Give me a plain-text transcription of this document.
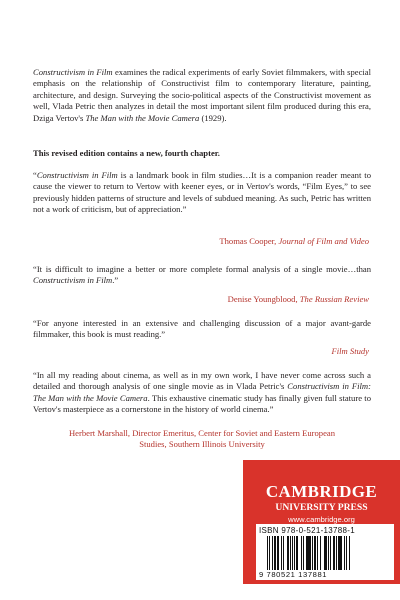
Constructivism in Film examines the radical experiments of early Soviet filmmakers, with special emphasis on the relationship of Constructivist film to contemporary literature, painting, architecture, and design. Surveying the socio-political aspects of the Constructivist movement as well, Vlada Petric then analyzes in detail the most important silent film produced during this era, Dziga Vertov's The Man with the Movie Camera (1929).

This revised edition contains a new, fourth chapter.

“Constructivism in Film is a landmark book in film studies…It is a companion reader meant to cause the viewer to return to Vertow with keener eyes, or in Vertov's words, “Film Eyes,” to see previously hidden patterns of structure and levels of subdued meaning. As such, Petric has written not a work of criticism, but of appreciation.”

Thomas Cooper, Journal of Film and Video

“It is difficult to imagine a better or more complete formal analysis of a single movie…than Constructivism in Film.”

Denise Youngblood, The Russian Review

“For anyone interested in an extensive and challenging discussion of a major avant-garde filmmaker, this book is must reading.”

Film Study

“In all my reading about cinema, as well as in my own work, I have never come across such a detailed and thorough analysis of one single movie as in Vlada Petric's Constructivism in Film: The Man with the Movie Camera. This exhaustive cinematic study has finally given full stature to Vertov's masterpiece as a cornerstone in the history of world cinema.”

Herbert Marshall, Director Emeritus, Center for Soviet and Eastern European
Studies, Southern Illinois University

CAMBRIDGE
UNIVERSITY PRESS
www.cambridge.org
ISBN 978-0-521-13788-1
9 780521 137881
